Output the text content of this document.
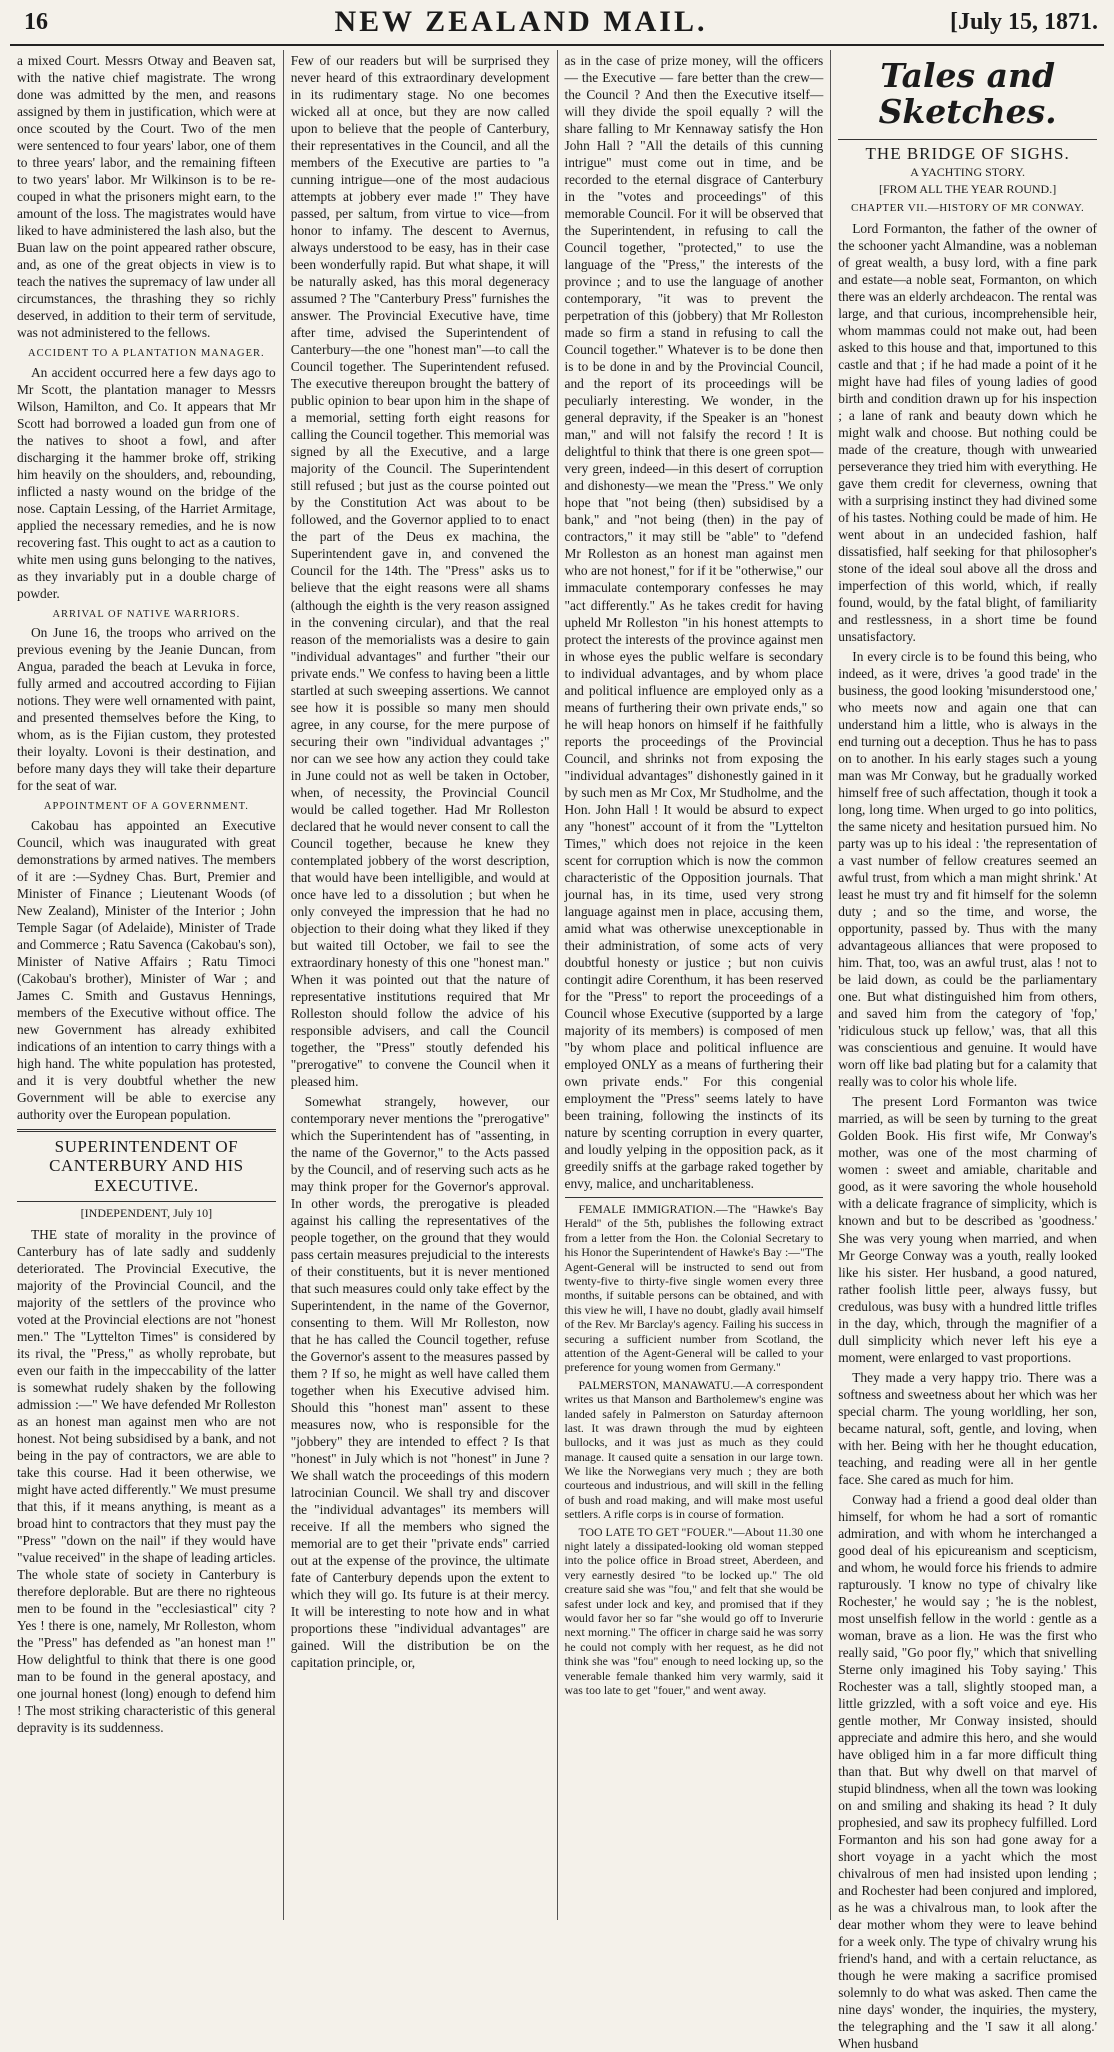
16	NEW ZEALAND MAIL.	[July 15, 1871.

a mixed Court. Messrs Otway and Beaven sat, with the native chief magistrate. The wrong done was admitted by the men, and reasons assigned by them in justification, which were at once scouted by the Court. Two of the men were sentenced to four years' labor, one of them to three years' labor, and the remaining fifteen to two years' labor. Mr Wilkinson is to be re-couped in what the prisoners might earn, to the amount of the loss. The magistrates would have liked to have administered the lash also, but the Buan law on the point appeared rather obscure, and, as one of the great objects in view is to teach the natives the supremacy of law under all circumstances, the thrashing they so richly deserved, in addition to their term of servitude, was not administered to the fellows.

ACCIDENT TO A PLANTATION MANAGER.

An accident occurred here a few days ago to Mr Scott, the plantation manager to Messrs Wilson, Hamilton, and Co. It appears that Mr Scott had borrowed a loaded gun from one of the natives to shoot a fowl, and after discharging it the hammer broke off, striking him heavily on the shoulders, and, rebounding, inflicted a nasty wound on the bridge of the nose. Captain Lessing, of the Harriet Armitage, applied the necessary remedies, and he is now recovering fast. This ought to act as a caution to white men using guns belonging to the natives, as they invariably put in a double charge of powder.

ARRIVAL OF NATIVE WARRIORS.

On June 16, the troops who arrived on the previous evening by the Jeanie Duncan, from Angua, paraded the beach at Levuka in force, fully armed and accoutred according to Fijian notions. They were well ornamented with paint, and presented themselves before the King, to whom, as is the Fijian custom, they protested their loyalty. Lovoni is their destination, and before many days they will take their departure for the seat of war.

APPOINTMENT OF A GOVERNMENT.

Cakobau has appointed an Executive Council, which was inaugurated with great demonstrations by armed natives. The members of it are :—Sydney Chas. Burt, Premier and Minister of Finance ; Lieutenant Woods (of New Zealand), Minister of the Interior ; John Temple Sagar (of Adelaide), Minister of Trade and Commerce ; Ratu Savenca (Cakobau's son), Minister of Native Affairs ; Ratu Timoci (Cakobau's brother), Minister of War ; and James C. Smith and Gustavus Hennings, members of the Executive without office. The new Government has already exhibited indications of an intention to carry things with a high hand. The white population has protested, and it is very doubtful whether the new Government will be able to exercise any authority over the European population.

SUPERINTENDENT OF CANTERBURY AND HIS EXECUTIVE.

[INDEPENDENT, July 10]

THE state of morality in the province of Canterbury has of late sadly and suddenly deteriorated. The Provincial Executive, the majority of the Provincial Council, and the majority of the settlers of the province who voted at the Provincial elections are not "honest men." The "Lyttelton Times" is considered by its rival, the "Press," as wholly reprobate, but even our faith in the impeccability of the latter is somewhat rudely shaken by the following admission :—" We have defended Mr Rolleston as an honest man against men who are not honest. Not being subsidised by a bank, and not being in the pay of contractors, we are able to take this course. Had it been otherwise, we might have acted differently." We must presume that this, if it means anything, is meant as a broad hint to contractors that they must pay the "Press" "down on the nail" if they would have "value received" in the shape of leading articles. The whole state of society in Canterbury is therefore deplorable. But are there no righteous men to be found in the "ecclesiastical" city ? Yes ! there is one, namely, Mr Rolleston, whom the "Press" has defended as "an honest man !" How delightful to think that there is one good man to be found in the general apostacy, and one journal honest (long) enough to defend him ! The most striking characteristic of this general depravity is its suddenness.

Few of our readers but will be surprised they never heard of this extraordinary development in its rudimentary stage. No one becomes wicked all at once, but they are now called upon to believe that the people of Canterbury, their representatives in the Council, and all the members of the Executive are parties to "a cunning intrigue—one of the most audacious attempts at jobbery ever made !" They have passed, per saltum, from virtue to vice—from honor to infamy. The descent to Avernus, always understood to be easy, has in their case been wonderfully rapid. But what shape, it will be naturally asked, has this moral degeneracy assumed ? The "Canterbury Press" furnishes the answer. The Provincial Executive have, time after time, advised the Superintendent of Canterbury—the one "honest man"—to call the Council together. The Superintendent refused. The executive thereupon brought the battery of public opinion to bear upon him in the shape of a memorial, setting forth eight reasons for calling the Council together. This memorial was signed by all the Executive, and a large majority of the Council. The Superintendent still refused ; but just as the course pointed out by the Constitution Act was about to be followed, and the Governor applied to to enact the part of the Deus ex machina, the Superintendent gave in, and convened the Council for the 14th. The "Press" asks us to believe that the eight reasons were all shams (although the eighth is the very reason assigned in the convening circular), and that the real reason of the memorialists was a desire to gain "individual advantages" and further "their our private ends." We confess to having been a little startled at such sweeping assertions. We cannot see how it is possible so many men should agree, in any course, for the mere purpose of securing their own "individual advantages ;" nor can we see how any action they could take in June could not as well be taken in October, when, of necessity, the Provincial Council would be called together. Had Mr Rolleston declared that he would never consent to call the Council together, because he knew they contemplated jobbery of the worst description, that would have been intelligible, and would at once have led to a dissolution ; but when he only conveyed the impression that he had no objection to their doing what they liked if they but waited till October, we fail to see the extraordinary honesty of this one "honest man." When it was pointed out that the nature of representative institutions required that Mr Rolleston should follow the advice of his responsible advisers, and call the Council together, the "Press" stoutly defended his "prerogative" to convene the Council when it pleased him.

Somewhat strangely, however, our contemporary never mentions the "prerogative" which the Superintendent has of "assenting, in the name of the Governor," to the Acts passed by the Council, and of reserving such acts as he may think proper for the Governor's approval. In other words, the prerogative is pleaded against his calling the representatives of the people together, on the ground that they would pass certain measures prejudicial to the interests of their constituents, but it is never mentioned that such measures could only take effect by the Superintendent, in the name of the Governor, consenting to them. Will Mr Rolleston, now that he has called the Council together, refuse the Governor's assent to the measures passed by them ? If so, he might as well have called them together when his Executive advised him. Should this "honest man" assent to these measures now, who is responsible for the "jobbery" they are intended to effect ? Is that "honest" in July which is not "honest" in June ? We shall watch the proceedings of this modern latrocinian Council. We shall try and discover the "individual advantages" its members will receive. If all the members who signed the memorial are to get their "private ends" carried out at the expense of the province, the ultimate fate of Canterbury depends upon the extent to which they will go. Its future is at their mercy. It will be interesting to note how and in what proportions these "individual advantages" are gained. Will the distribution be on the capitation principle, or,

as in the case of prize money, will the officers — the Executive — fare better than the crew—the Council ? And then the Executive itself—will they divide the spoil equally ? will the share falling to Mr Kennaway satisfy the Hon John Hall ? "All the details of this cunning intrigue" must come out in time, and be recorded to the eternal disgrace of Canterbury in the "votes and proceedings" of this memorable Council. For it will be observed that the Superintendent, in refusing to call the Council together, "protected," to use the language of the "Press," the interests of the province ; and to use the language of another contemporary, "it was to prevent the perpetration of this (jobbery) that Mr Rolleston made so firm a stand in refusing to call the Council together." Whatever is to be done then is to be done in and by the Provincial Council, and the report of its proceedings will be peculiarly interesting. We wonder, in the general depravity, if the Speaker is an "honest man," and will not falsify the record ! It is delightful to think that there is one green spot—very green, indeed—in this desert of corruption and dishonesty—we mean the "Press." We only hope that "not being (then) subsidised by a bank," and "not being (then) in the pay of contractors," it may still be "able" to "defend Mr Rolleston as an honest man against men who are not honest," for if it be "otherwise," our immaculate contemporary confesses he may "act differently." As he takes credit for having upheld Mr Rolleston "in his honest attempts to protect the interests of the province against men in whose eyes the public welfare is secondary to individual advantages, and by whom place and political influence are employed only as a means of furthering their own private ends," so he will heap honors on himself if he faithfully reports the proceedings of the Provincial Council, and shrinks not from exposing the "individual advantages" dishonestly gained in it by such men as Mr Cox, Mr Studholme, and the Hon. John Hall ! It would be absurd to expect any "honest" account of it from the "Lyttelton Times," which does not rejoice in the keen scent for corruption which is now the common characteristic of the Opposition journals. That journal has, in its time, used very strong language against men in place, accusing them, amid what was otherwise unexceptionable in their administration, of some acts of very doubtful honesty or justice ; but non cuivis contingit adire Corenthum, it has been reserved for the "Press" to report the proceedings of a Council whose Executive (supported by a large majority of its members) is composed of men "by whom place and political influence are employed ONLY as a means of furthering their own private ends." For this congenial employment the "Press" seems lately to have been training, following the instincts of its nature by scenting corruption in every quarter, and loudly yelping in the opposition pack, as it greedily sniffs at the garbage raked together by envy, malice, and uncharitableness.

FEMALE IMMIGRATION.—The "Hawke's Bay Herald" of the 5th, publishes the following extract from a letter from the Hon. the Colonial Secretary to his Honor the Superintendent of Hawke's Bay :—"The Agent-General will be instructed to send out from twenty-five to thirty-five single women every three months, if suitable persons can be obtained, and with this view he will, I have no doubt, gladly avail himself of the Rev. Mr Barclay's agency. Failing his success in securing a sufficient number from Scotland, the attention of the Agent-General will be called to your preference for young women from Germany."

PALMERSTON, MANAWATU.—A correspondent writes us that Manson and Bartholemew's engine was landed safely in Palmerston on Saturday afternoon last. It was drawn through the mud by eighteen bullocks, and it was just as much as they could manage. It caused quite a sensation in our large town. We like the Norwegians very much ; they are both courteous and industrious, and will skill in the felling of bush and road making, and will make most useful settlers. A rifle corps is in course of formation.

TOO LATE TO GET "FOUER."—About 11.30 one night lately a dissipated-looking old woman stepped into the police office in Broad street, Aberdeen, and very earnestly desired "to be locked up." The old creature said she was "fou," and felt that she would be safest under lock and key, and promised that if they would favor her so far "she would go off to Inverurie next morning." The officer in charge said he was sorry he could not comply with her request, as he did not think she was "fou" enough to need locking up, so the venerable female thanked him very warmly, said it was too late to get "fouer," and went away.

Tales and Sketches.

THE BRIDGE OF SIGHS.

A YACHTING STORY.

[FROM ALL THE YEAR ROUND.]

CHAPTER VII.—HISTORY OF MR CONWAY.

Lord Formanton, the father of the owner of the schooner yacht Almandine, was a nobleman of great wealth, a busy lord, with a fine park and estate—a noble seat, Formanton, on which there was an elderly archdeacon. The rental was large, and that curious, incomprehensible heir, whom mammas could not make out, had been asked to this house and that, importuned to this castle and that ; if he had made a point of it he might have had files of young ladies of good birth and condition drawn up for his inspection ; a lane of rank and beauty down which he might walk and choose. But nothing could be made of the creature, though with unwearied perseverance they tried him with everything. He gave them credit for cleverness, owning that with a surprising instinct they had divined some of his tastes. Nothing could be made of him. He went about in an undecided fashion, half dissatisfied, half seeking for that philosopher's stone of the ideal soul above all the dross and imperfection of this world, which, if really found, would, by the fatal blight, of familiarity and restlessness, in a short time be found unsatisfactory.

In every circle is to be found this being, who indeed, as it were, drives 'a good trade' in the business, the good looking 'misunderstood one,' who meets now and again one that can understand him a little, who is always in the end turning out a deception. Thus he has to pass on to another. In his early stages such a young man was Mr Conway, but he gradually worked himself free of such affectation, though it took a long, long time. When urged to go into politics, the same nicety and hesitation pursued him. No party was up to his ideal : 'the representation of a vast number of fellow creatures seemed an awful trust, from which a man might shrink.' At least he must try and fit himself for the solemn duty ; and so the time, and worse, the opportunity, passed by. Thus with the many advantageous alliances that were proposed to him. That, too, was an awful trust, alas ! not to be laid down, as could be the parliamentary one. But what distinguished him from others, and saved him from the category of 'fop,' 'ridiculous stuck up fellow,' was, that all this was conscientious and genuine. It would have worn off like bad plating but for a calamity that really was to color his whole life.

The present Lord Formanton was twice married, as will be seen by turning to the great Golden Book. His first wife, Mr Conway's mother, was one of the most charming of women : sweet and amiable, charitable and good, as it were savoring the whole household with a delicate fragrance of simplicity, which is known and but to be described as 'goodness.' She was very young when married, and when Mr George Conway was a youth, really looked like his sister. Her husband, a good natured, rather foolish little peer, always fussy, but credulous, was busy with a hundred little trifles in the day, which, through the magnifier of a dull simplicity which never left his eye a moment, were enlarged to vast proportions.

They made a very happy trio. There was a softness and sweetness about her which was her special charm. The young worldling, her son, became natural, soft, gentle, and loving, when with her. Being with her he thought education, teaching, and reading were all in her gentle face. She cared as much for him.

Conway had a friend a good deal older than himself, for whom he had a sort of romantic admiration, and with whom he interchanged a good deal of his epicureanism and scepticism, and whom, he would force his friends to admire rapturously. 'I know no type of chivalry like Rochester,' he would say ; 'he is the noblest, most unselfish fellow in the world : gentle as a woman, brave as a lion. He was the first who really said, "Go poor fly," which that snivelling Sterne only imagined his Toby saying.' This Rochester was a tall, slightly stooped man, a little grizzled, with a soft voice and eye. His gentle mother, Mr Conway insisted, should appreciate and admire this hero, and she would have obliged him in a far more difficult thing than that. But why dwell on that marvel of stupid blindness, when all the town was looking on and smiling and shaking its head ? It duly prophesied, and saw its prophecy fulfilled. Lord Formanton and his son had gone away for a short voyage in a yacht which the most chivalrous of men had insisted upon lending ; and Rochester had been conjured and implored, as he was a chivalrous man, to look after the dear mother whom they were to leave behind for a week only. The type of chivalry wrung his friend's hand, and with a certain reluctance, as though he were making a sacrifice promised solemnly to do what was asked. Then came the nine days' wonder, the inquiries, the mystery, the telegraphing and the 'I saw it all along.' When husband
